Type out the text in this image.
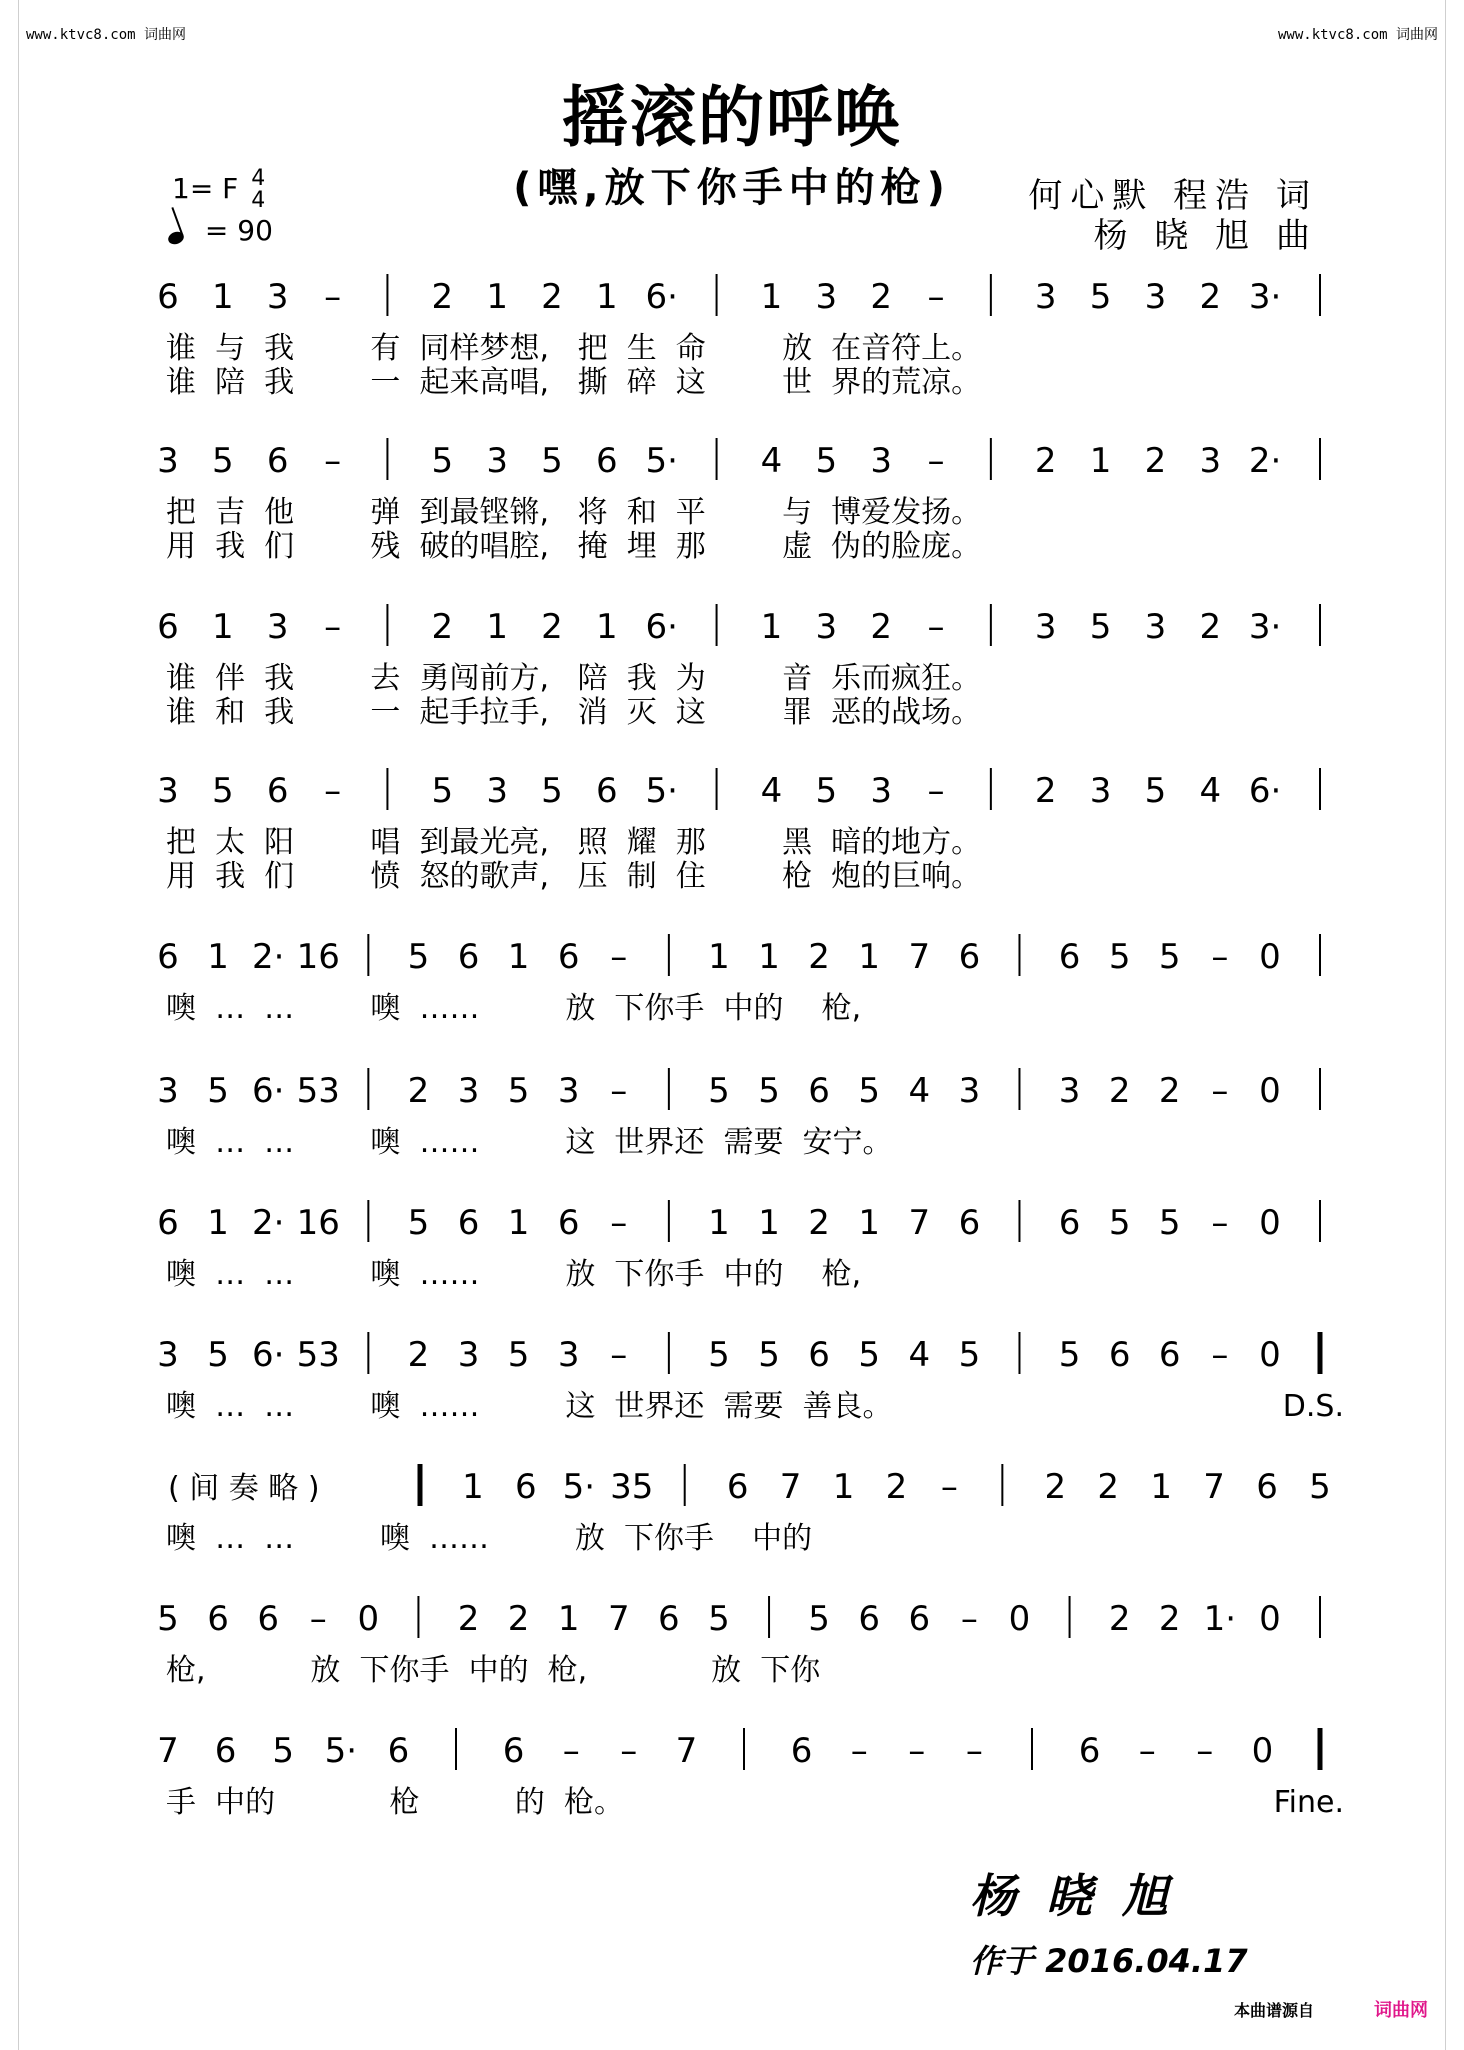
www.ktvc8.com 词曲网	www.ktvc8.com 词曲网
摇滚的呼唤
(嘿,放下你手中的枪)
1= F 4
4
= 90
何心默 程浩 词
杨 晓 旭 曲
6 1 3 –	2 1 2 1 6· 1 3 2 –	3 5 3 2 3·
谁  与  我        有  同样梦想,   把  生  命        放  在音符上。
谁  陪  我        一  起来高唱,   撕  碎  这        世  界的荒凉。
3 5 6 –	5 3 5 6 5· 4 5 3 –	2 1 2 3 2·
把  吉  他        弹  到最铿锵,   将  和  平        与  博爱发扬。
用  我  们        残  破的唱腔,   掩  埋  那        虚  伪的脸庞。
6 1 3 –	2 1 2 1 6· 1 3 2 –	3 5 3 2 3·
谁  伴  我        去  勇闯前方,   陪  我  为        音  乐而疯狂。
谁  和  我        一  起手拉手,   消  灭  这        罪  恶的战场。
3 5 6 –	5 3 5 6 5· 4 5 3 –	2 3 5 4 6·
把  太  阳        唱  到最光亮,   照  耀  那        黑  暗的地方。
用  我  们        愤  怒的歌声,   压  制  住        枪  炮的巨响。
6 1 2· 16 5 6 1 6 – 1 1 2 1 7 6 6 5 5 – 0
噢  …  …        噢  ……         放  下你手  中的    枪,
3 5 6· 53 2 3 5 3 – 5 5 6 5 4 3 3 2 2 – 0
噢  …  …        噢  ……         这  世界还  需要  安宁。
6 1 2· 16 5 6 1 6 – 1 1 2 1 7 6 6 5 5 – 0
噢  …  …        噢  ……         放  下你手  中的    枪,
3 5 6· 53 2 3 5 3 – 5 5 6 5 4 5 5 6 6 – 0
噢  …  …        噢  ……         这  世界还  需要  善良。	D.S.
( 间 奏 略 )	1 6 5· 35 6 7 1 2 –	2 2 1 7 6 5
噢  …  …         噢  ……         放  下你手    中的
5 6 6 – 0 2 2 1 7 6 5 5 6 6 – 0 2 2 1· 0
枪,           放  下你手  中的  枪,             放  下你
7 6 5 5· 6	6 – – 7	6 – – –	6 – – 0
手  中的            枪          的  枪。	Fine.
杨晓旭
作于 2016.04.17
本曲谱源自	词曲网
